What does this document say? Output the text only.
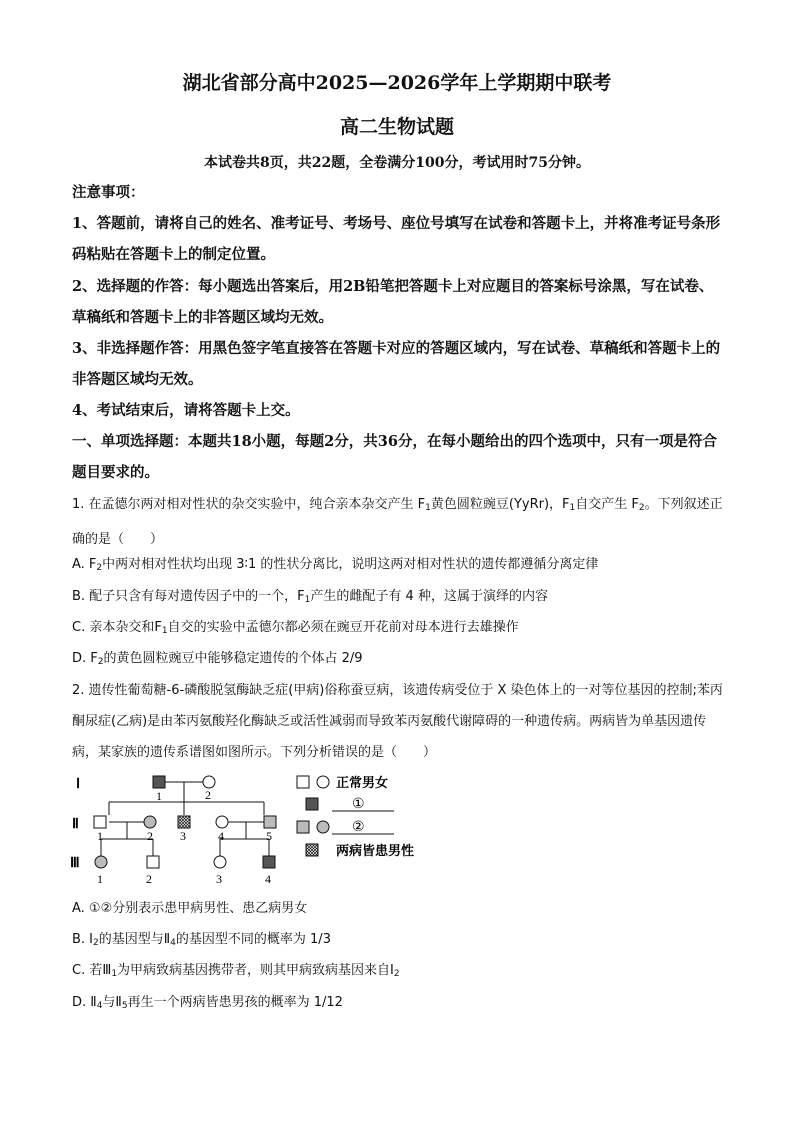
湖北省部分高中2025—2026学年上学期期中联考
高二生物试题
本试卷共8页，共22题，全卷满分100分，考试用时75分钟。
注意事项：
1、答题前，请将自己的姓名、准考证号、考场号、座位号填写在试卷和答题卡上，并将准考证号条形码粘贴在答题卡上的制定位置。
2、选择题的作答：每小题选出答案后，用2B铅笔把答题卡上对应题目的答案标号涂黑，写在试卷、草稿纸和答题卡上的非答题区域均无效。
3、非选择题作答：用黑色签字笔直接答在答题卡对应的答题区域内，写在试卷、草稿纸和答题卡上的非答题区域均无效。
4、考试结束后，请将答题卡上交。
一、单项选择题：本题共18小题，每题2分，共36分，在每小题给出的四个选项中，只有一项是符合题目要求的。
1. 在孟德尔两对相对性状的杂交实验中，纯合亲本杂交产生 $F_1$黄色圆粒豌豆(YyRr)，$F_1$自交产生 $F_2$。下列叙述正确的是（　　）
A. $F_2$中两对相对性状均出现 3∶1 的性状分离比，说明这两对相对性状的遗传都遵循分离定律
B. 配子只含有每对遗传因子中的一个，$F_1$产生的雌配子有 4 种，这属于演绎的内容
C. 亲本杂交和$F_1$自交的实验中孟德尔都必须在豌豆开花前对母本进行去雄操作
D. $F_2$的黄色圆粒豌豆中能够稳定遗传的个体占 2/9
2. 遗传性葡萄糖-6-磷酸脱氢酶缺乏症(甲病)俗称蚕豆病，该遗传病受位于 X 染色体上的一对等位基因的控制;苯丙酮尿症(乙病)是由苯丙氨酸羟化酶缺乏或活性减弱而导致苯丙氨酸代谢障碍的一种遗传病。两病皆为单基因遗传病，某家族的遗传系谱图如图所示。下列分析错误的是（　　）
Ⅰ
Ⅱ
Ⅲ
1	2
1	2 3	4	5
1	2	3	4
正常男女
①
②
两病皆患男性
A. ①②分别表示患甲病男性、患乙病男女
B. $Ⅰ_2$的基因型与$Ⅱ_4$的基因型不同的概率为 1/3
C. 若$Ⅲ_1$为甲病致病基因携带者，则其甲病致病基因来自$Ⅰ_2$
D. $Ⅱ_4$与$Ⅱ_5$再生一个两病皆患男孩的概率为 1/12
